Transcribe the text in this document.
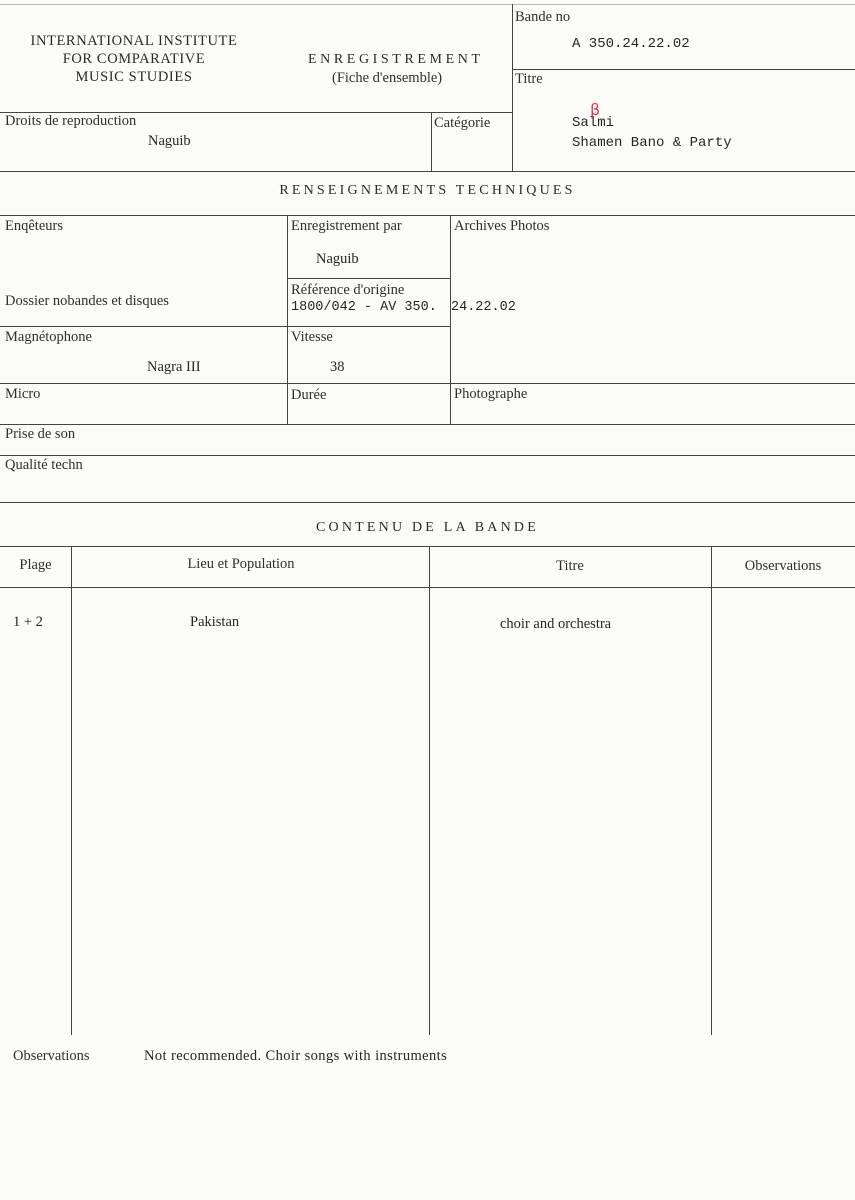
INTERNATIONAL INSTITUTE
FOR COMPARATIVE
MUSIC STUDIES
ENREGISTREMENT
(Fiche d'ensemble)
Bande no
A 350.24.22.02
Titre
Salmi
β
Shamen Bano & Party
Droits de reproduction
Naguib
Catégorie
RENSEIGNEMENTS TECHNIQUES
Enqêteurs	Enregistrement par
Naguib
Archives Photos
Dossier nobandes et disques
Référence d'origine
1800/042 - AV 350. 24.22.02
Magnétophone
Nagra III
Vitesse
38
Micro	Durée	Photographe
Prise de son
Qualité techn
CONTENU DE LA BANDE
Plage	Lieu et Population	Titre	Observations
1 + 2	Pakistan	choir and orchestra
Observations	Not recommended. Choir songs with instruments
